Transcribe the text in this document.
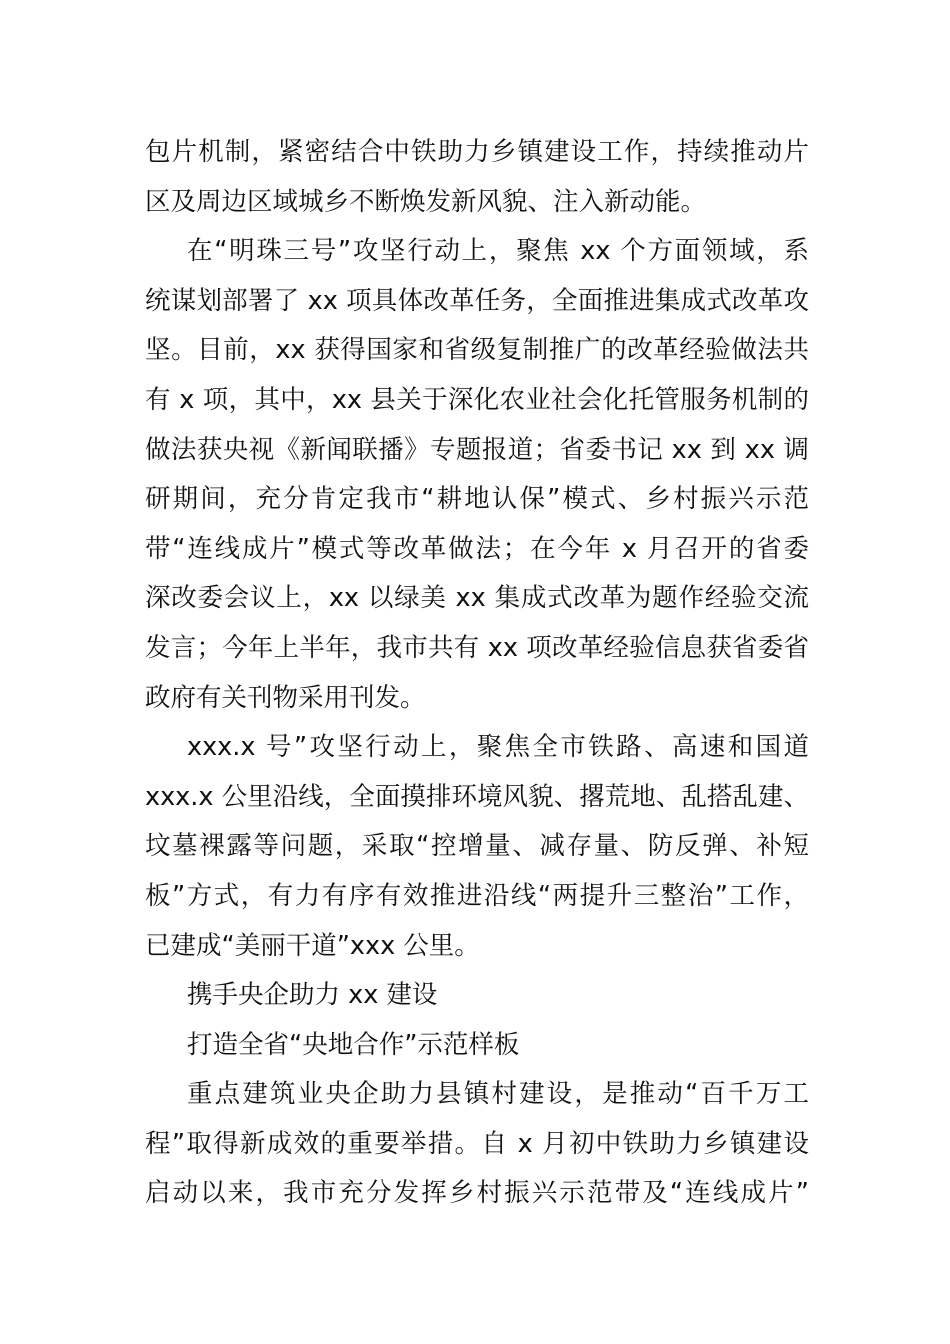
包片机制，紧密结合中铁助力乡镇建设工作，持续推动片
区及周边区域城乡不断焕发新风貌、注入新动能。
在“明珠三号”攻坚行动上，聚焦 xx 个方面领域，系
统谋划部署了 xx 项具体改革任务，全面推进集成式改革攻
坚。目前，xx 获得国家和省级复制推广的改革经验做法共
有 x 项，其中，xx 县关于深化农业社会化托管服务机制的
做法获央视《新闻联播》专题报道；省委书记 xx 到 xx 调
研期间，充分肯定我市“耕地认保”模式、乡村振兴示范
带“连线成片”模式等改革做法；在今年 x 月召开的省委
深改委会议上，xx 以绿美 xx 集成式改革为题作经验交流
发言；今年上半年，我市共有 xx 项改革经验信息获省委省
政府有关刊物采用刊发。
xxx.x 号”攻坚行动上，聚焦全市铁路、高速和国道
xxx.x 公里沿线，全面摸排环境风貌、撂荒地、乱搭乱建、
坟墓裸露等问题，采取“控增量、减存量、防反弹、补短
板”方式，有力有序有效推进沿线“两提升三整治”工作，
已建成“美丽干道”xxx 公里。
携手央企助力 xx 建设
打造全省“央地合作”示范样板
重点建筑业央企助力县镇村建设，是推动“百千万工
程”取得新成效的重要举措。自 x 月初中铁助力乡镇建设
启动以来，我市充分发挥乡村振兴示范带及“连线成片”
